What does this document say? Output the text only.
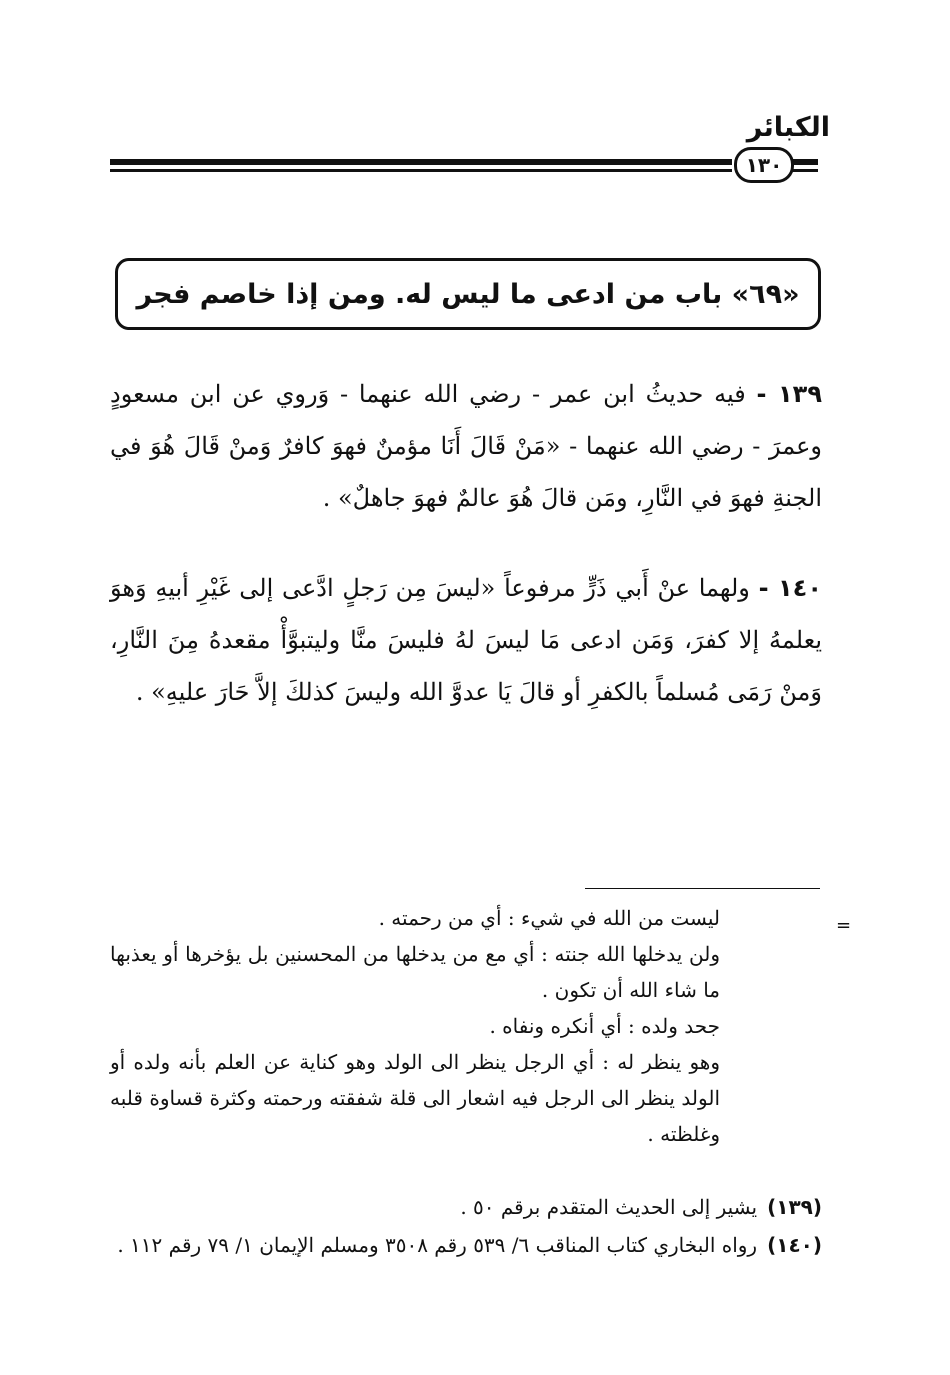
الكبائر
١٣٠
«٦٩» باب من ادعى ما ليس له. ومن إذا خاصم فجر
١٣٩ - فيه حديثُ ابن عمر - رضي الله عنهما - وَروي عن ابن مسعودٍ وعمرَ - رضي الله عنهما - «مَنْ قَالَ أَنَا مؤمنٌ فهوَ كافرٌ وَمنْ قَالَ هُوَ في الجنةِ فهوَ في النَّارِ، ومَن قالَ هُوَ عالمٌ فهوَ جاهلٌ» .
١٤٠ - ولهما عنْ أَبي ذَرٍّ مرفوعاً «ليسَ مِن رَجلٍ ادَّعى إلى غَيْرِ أبيهِ وَهوَ يعلمهُ إلا كفرَ، وَمَن ادعى مَا ليسَ لهُ فليسَ منَّا وليتبوَّأْ مقعدهُ مِنَ النَّارِ، وَمنْ رَمَى مُسلماً بالكفرِ أو قالَ يَا عدوَّ الله وليسَ كذلكَ إلاَّ حَارَ عليهِ» .
=

ليست من الله في شيء : أي من رحمته .

ولن يدخلها الله جنته : أي مع من يدخلها من المحسنين بل يؤخرها أو يعذبها ما شاء الله أن تكون .

جحد ولده : أي أنكره ونفاه .

وهو ينظر له : أي الرجل ينظر الى الولد وهو كناية عن العلم بأنه ولده أو الولد ينظر الى الرجل فيه اشعار الى قلة شفقته ورحمته وكثرة قساوة قلبه وغلظته .

(١٣٩)يشير إلى الحديث المتقدم برقم ٥٠ .

(١٤٠)رواه البخاري كتاب المناقب ٦/ ٥٣٩ رقم ٣٥٠٨ ومسلم الإيمان ١/ ٧٩ رقم ١١٢ .
